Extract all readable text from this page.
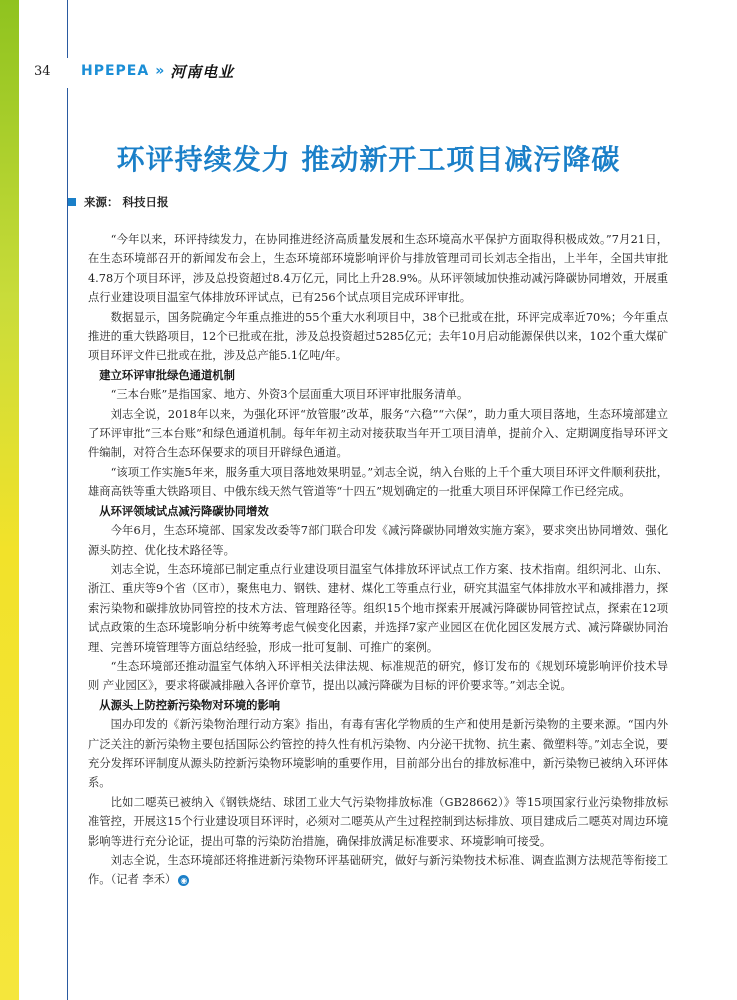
34 HPEPEA » 河南电业
环评持续发力 推动新开工项目减污降碳
来源： 科技日报

“今年以来，环评持续发力，在协同推进经济高质量发展和生态环境高水平保护方面取得积极成效。”7月21日，在生态环境部召开的新闻发布会上，生态环境部环境影响评价与排放管理司司长刘志全指出，上半年，全国共审批4.78万个项目环评，涉及总投资超过8.4万亿元，同比上升28.9%。从环评领域加快推动减污降碳协同增效，开展重点行业建设项目温室气体排放环评试点，已有256个试点项目完成环评审批。

数据显示，国务院确定今年重点推进的55个重大水利项目中，38个已批或在批，环评完成率近70%；今年重点推进的重大铁路项目，12个已批或在批，涉及总投资超过5285亿元；去年10月启动能源保供以来，102个重大煤矿项目环评文件已批或在批，涉及总产能5.1亿吨/年。

建立环评审批绿色通道机制

“三本台账”是指国家、地方、外资3个层面重大项目环评审批服务清单。

刘志全说，2018年以来，为强化环评“放管服”改革，服务“六稳”“六保”，助力重大项目落地，生态环境部建立了环评审批“三本台账”和绿色通道机制。每年年初主动对接获取当年开工项目清单，提前介入、定期调度指导环评文件编制，对符合生态环保要求的项目开辟绿色通道。

“该项工作实施5年来，服务重大项目落地效果明显。”刘志全说，纳入台账的上千个重大项目环评文件顺利获批，雄商高铁等重大铁路项目、中俄东线天然气管道等“十四五”规划确定的一批重大项目环评保障工作已经完成。

从环评领域试点减污降碳协同增效

今年6月，生态环境部、国家发改委等7部门联合印发《减污降碳协同增效实施方案》，要求突出协同增效、强化源头防控、优化技术路径等。

刘志全说，生态环境部已制定重点行业建设项目温室气体排放环评试点工作方案、技术指南。组织河北、山东、浙江、重庆等9个省（区市），聚焦电力、钢铁、建材、煤化工等重点行业，研究其温室气体排放水平和减排潜力，探索污染物和碳排放协同管控的技术方法、管理路径等。组织15个地市探索开展减污降碳协同管控试点，探索在12项试点政策的生态环境影响分析中统筹考虑气候变化因素，并选择7家产业园区在优化园区发展方式、减污降碳协同治理、完善环境管理等方面总结经验，形成一批可复制、可推广的案例。

“生态环境部还推动温室气体纳入环评相关法律法规、标准规范的研究，修订发布的《规划环境影响评价技术导则 产业园区》，要求将碳减排融入各评价章节，提出以减污降碳为目标的评价要求等。”刘志全说。

从源头上防控新污染物对环境的影响

国办印发的《新污染物治理行动方案》指出，有毒有害化学物质的生产和使用是新污染物的主要来源。“国内外广泛关注的新污染物主要包括国际公约管控的持久性有机污染物、内分泌干扰物、抗生素、微塑料等。”刘志全说，要充分发挥环评制度从源头防控新污染物环境影响的重要作用，目前部分出台的排放标准中，新污染物已被纳入环评体系。

比如二噁英已被纳入《钢铁烧结、球团工业大气污染物排放标准（GB28662）》等15项国家行业污染物排放标准管控，开展这15个行业建设项目环评时，必须对二噁英从产生过程控制到达标排放、项目建成后二噁英对周边环境影响等进行充分论证，提出可靠的污染防治措施，确保排放满足标准要求、环境影响可接受。

刘志全说，生态环境部还将推进新污染物环评基础研究，做好与新污染物技术标准、调查监测方法规范等衔接工作。（记者 李禾） ◉
